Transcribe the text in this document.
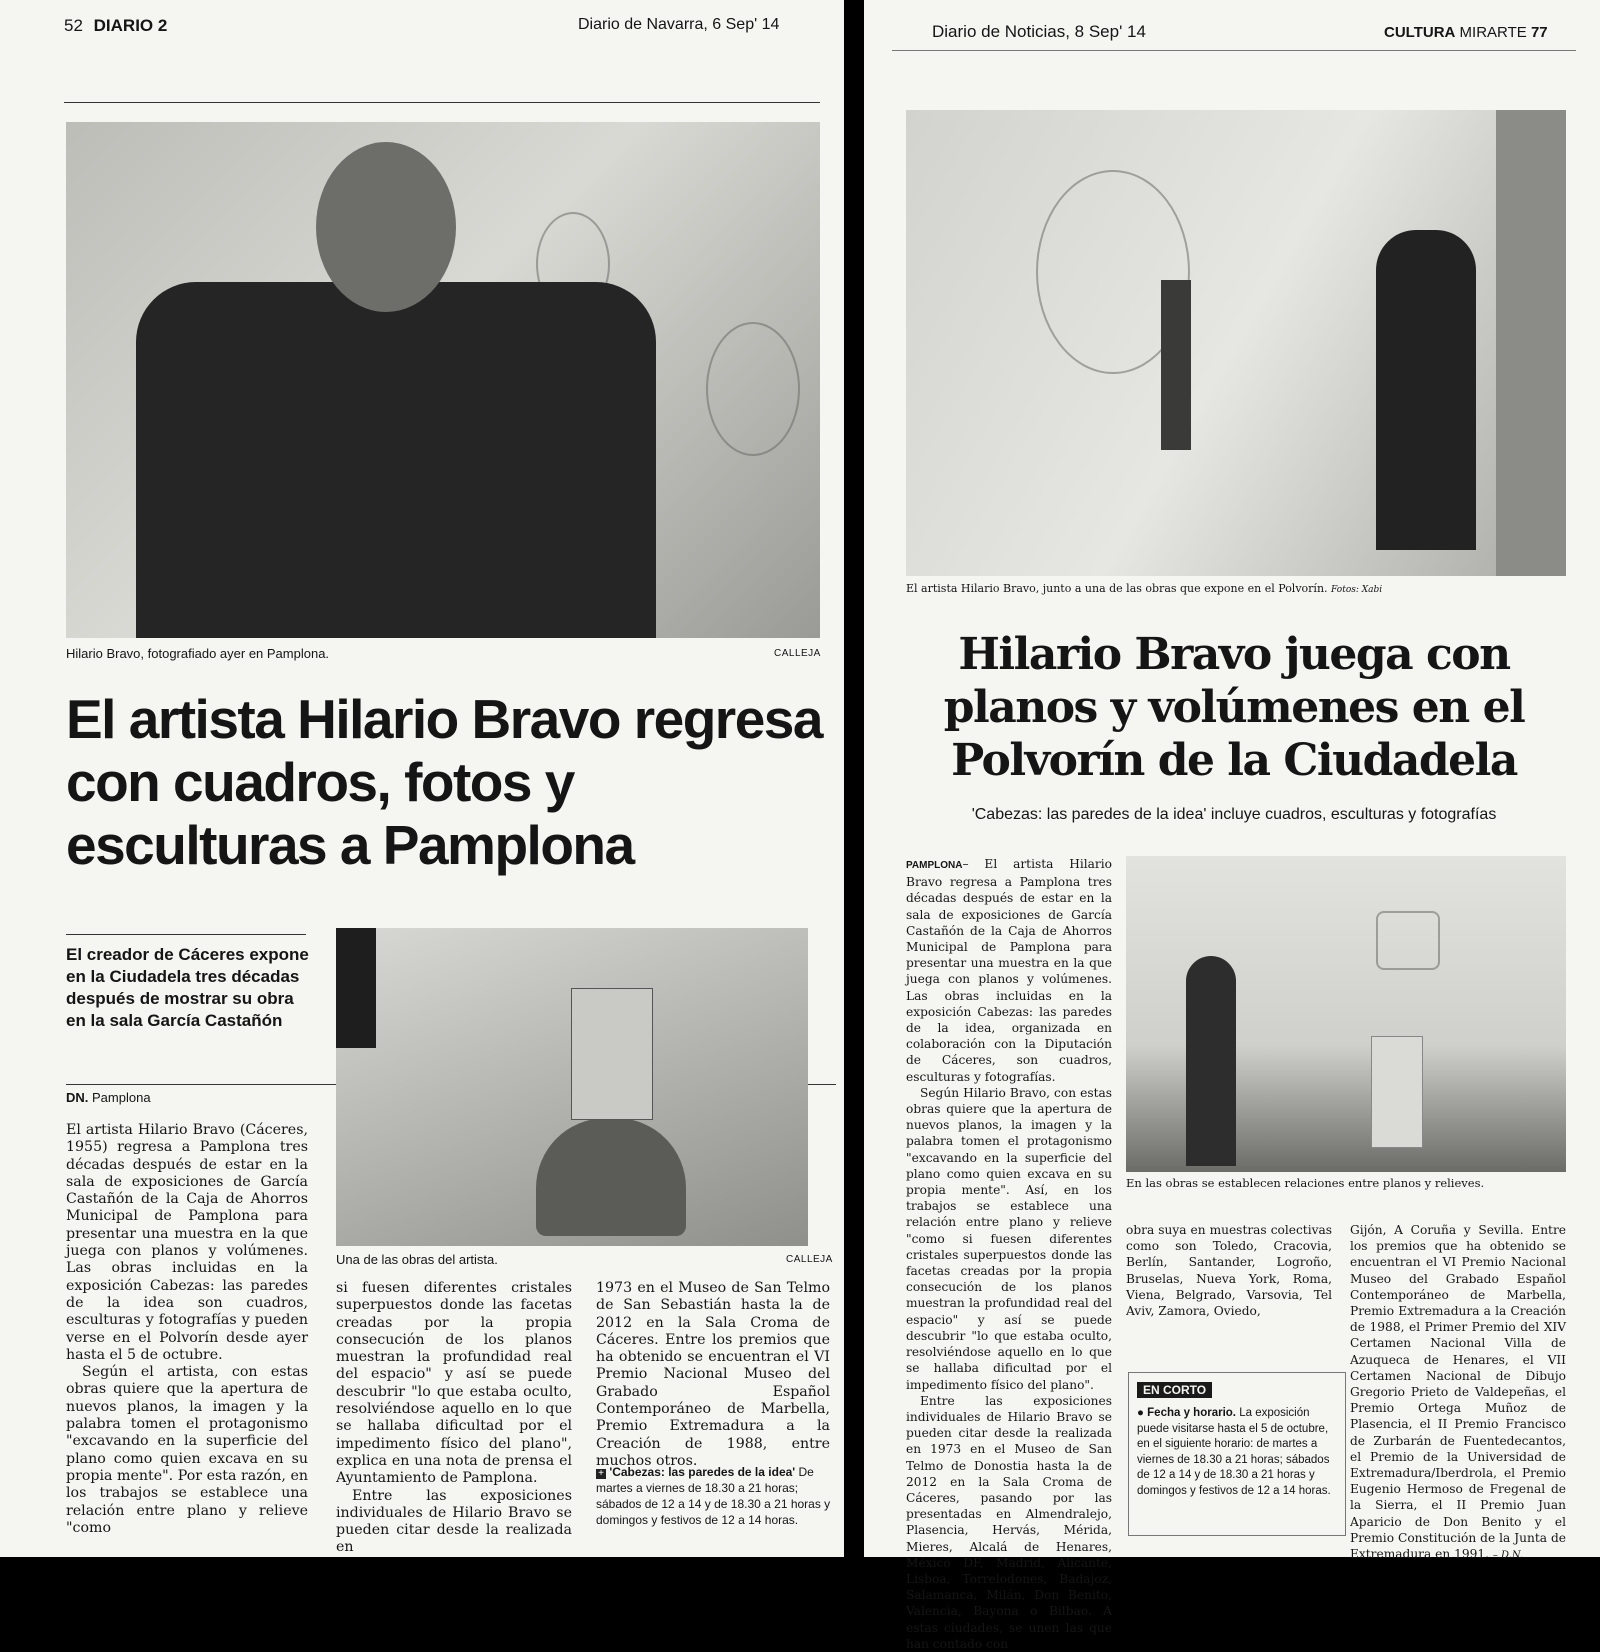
52 DIARIO 2	Diario de Navarra, 6 Sep' 14
Hilario Bravo, fotografiado ayer en Pamplona.	CALLEJA
El artista Hilario Bravo regresa con cuadros, fotos y esculturas a Pamplona
El creador de Cáceres expone en la Ciudadela tres décadas después de mostrar su obra en la sala García Castañón
DN. Pamplona
Una de las obras del artista.	CALLEJA

El artista Hilario Bravo (Cáceres, 1955) regresa a Pamplona tres décadas después de estar en la sala de exposiciones de García Castañón de la Caja de Ahorros Municipal de Pamplona para presentar una muestra en la que juega con planos y volúmenes. Las obras incluidas en la exposición Cabezas: las paredes de la idea son cuadros, esculturas y fotografías y pueden verse en el Polvorín desde ayer hasta el 5 de octubre.

Según el artista, con estas obras quiere que la apertura de nuevos planos, la imagen y la palabra tomen el protagonismo "excavando en la superficie del plano como quien excava en su propia mente". Por esta razón, en los trabajos se establece una relación entre plano y relieve "como

si fuesen diferentes cristales superpuestos donde las facetas creadas por la propia consecución de los planos muestran la profundidad real del espacio" y así se puede descubrir "lo que estaba oculto, resolviéndose aquello en lo que se hallaba dificultad por el impedimento físico del plano", explica en una nota de prensa el Ayuntamiento de Pamplona.

Entre las exposiciones individuales de Hilario Bravo se pueden citar desde la realizada en

1973 en el Museo de San Telmo de San Sebastián hasta la de 2012 en la Sala Croma de Cáceres. Entre los premios que ha obtenido se encuentran el VI Premio Nacional Museo del Grabado Español Contemporáneo de Marbella, Premio Extremadura a la Creación de 1988, entre muchos otros.

+ 'Cabezas: las paredes de la idea' De martes a viernes de 18.30 a 21 horas; sábados de 12 a 14 y de 18.30 a 21 horas y domingos y festivos de 12 a 14 horas.
Diario de Noticias, 8 Sep' 14	CULTURA MIRARTE 77
El artista Hilario Bravo, junto a una de las obras que expone en el Polvorín. Fotos: Xabi
Hilario Bravo juega con planos y volúmenes en el Polvorín de la Ciudadela
'Cabezas: las paredes de la idea' incluye cuadros, esculturas y fotografías

PAMPLONA– El artista Hilario Bravo regresa a Pamplona tres décadas después de estar en la sala de exposiciones de García Castañón de la Caja de Ahorros Municipal de Pamplona para presentar una muestra en la que juega con planos y volúmenes. Las obras incluidas en la exposición Cabezas: las paredes de la idea, organizada en colaboración con la Diputación de Cáceres, son cuadros, esculturas y fotografías.

Según Hilario Bravo, con estas obras quiere que la apertura de nuevos planos, la imagen y la palabra tomen el protagonismo "excavando en la superficie del plano como quien excava en su propia mente". Así, en los trabajos se establece una relación entre plano y relieve "como si fuesen diferentes cristales superpuestos donde las facetas creadas por la propia consecución de los planos muestran la profundidad real del espacio" y así se puede descubrir "lo que estaba oculto, resolviéndose aquello en lo que se hallaba dificultad por el impedimento físico del plano".

Entre las exposiciones individuales de Hilario Bravo se pueden citar desde la realizada en 1973 en el Museo de San Telmo de Donostia hasta la de 2012 en la Sala Croma de Cáceres, pasando por las presentadas en Almendralejo, Plasencia, Hervás, Mérida, Mieres, Alcalá de Henares, México DF, Madrid, Alicante, Lisboa, Torrelodones, Badajoz, Salamanca, Milán, Don Benito, Valencia, Bayona o Bilbao. A estas ciudades, se unen las que han contado con

En las obras se establecen relaciones entre planos y relieves.

obra suya en muestras colectivas como son Toledo, Cracovia, Berlín, Santander, Logroño, Bruselas, Nueva York, Roma, Viena, Belgrado, Varsovia, Tel Aviv, Zamora, Oviedo,

EN CORTO
● Fecha y horario. La exposición puede visitarse hasta el 5 de octubre, en el siguiente horario: de martes a viernes de 18.30 a 21 horas; sábados de 12 a 14 y de 18.30 a 21 horas y domingos y festivos de 12 a 14 horas.

Gijón, A Coruña y Sevilla. Entre los premios que ha obtenido se encuentran el VI Premio Nacional Museo del Grabado Español Contemporáneo de Marbella, Premio Extremadura a la Creación de 1988, el Primer Premio del XIV Certamen Nacional Villa de Azuqueca de Henares, el VII Certamen Nacional de Dibujo Gregorio Prieto de Valdepeñas, el Premio Ortega Muñoz de Plasencia, el II Premio Francisco de Zurbarán de Fuentedecantos, el Premio de la Universidad de Extremadura/Iberdrola, el Premio Eugenio Hermoso de Fregenal de la Sierra, el II Premio Juan Aparicio de Don Benito y el Premio Constitución de la Junta de Extremadura en 1991. – D.N.
